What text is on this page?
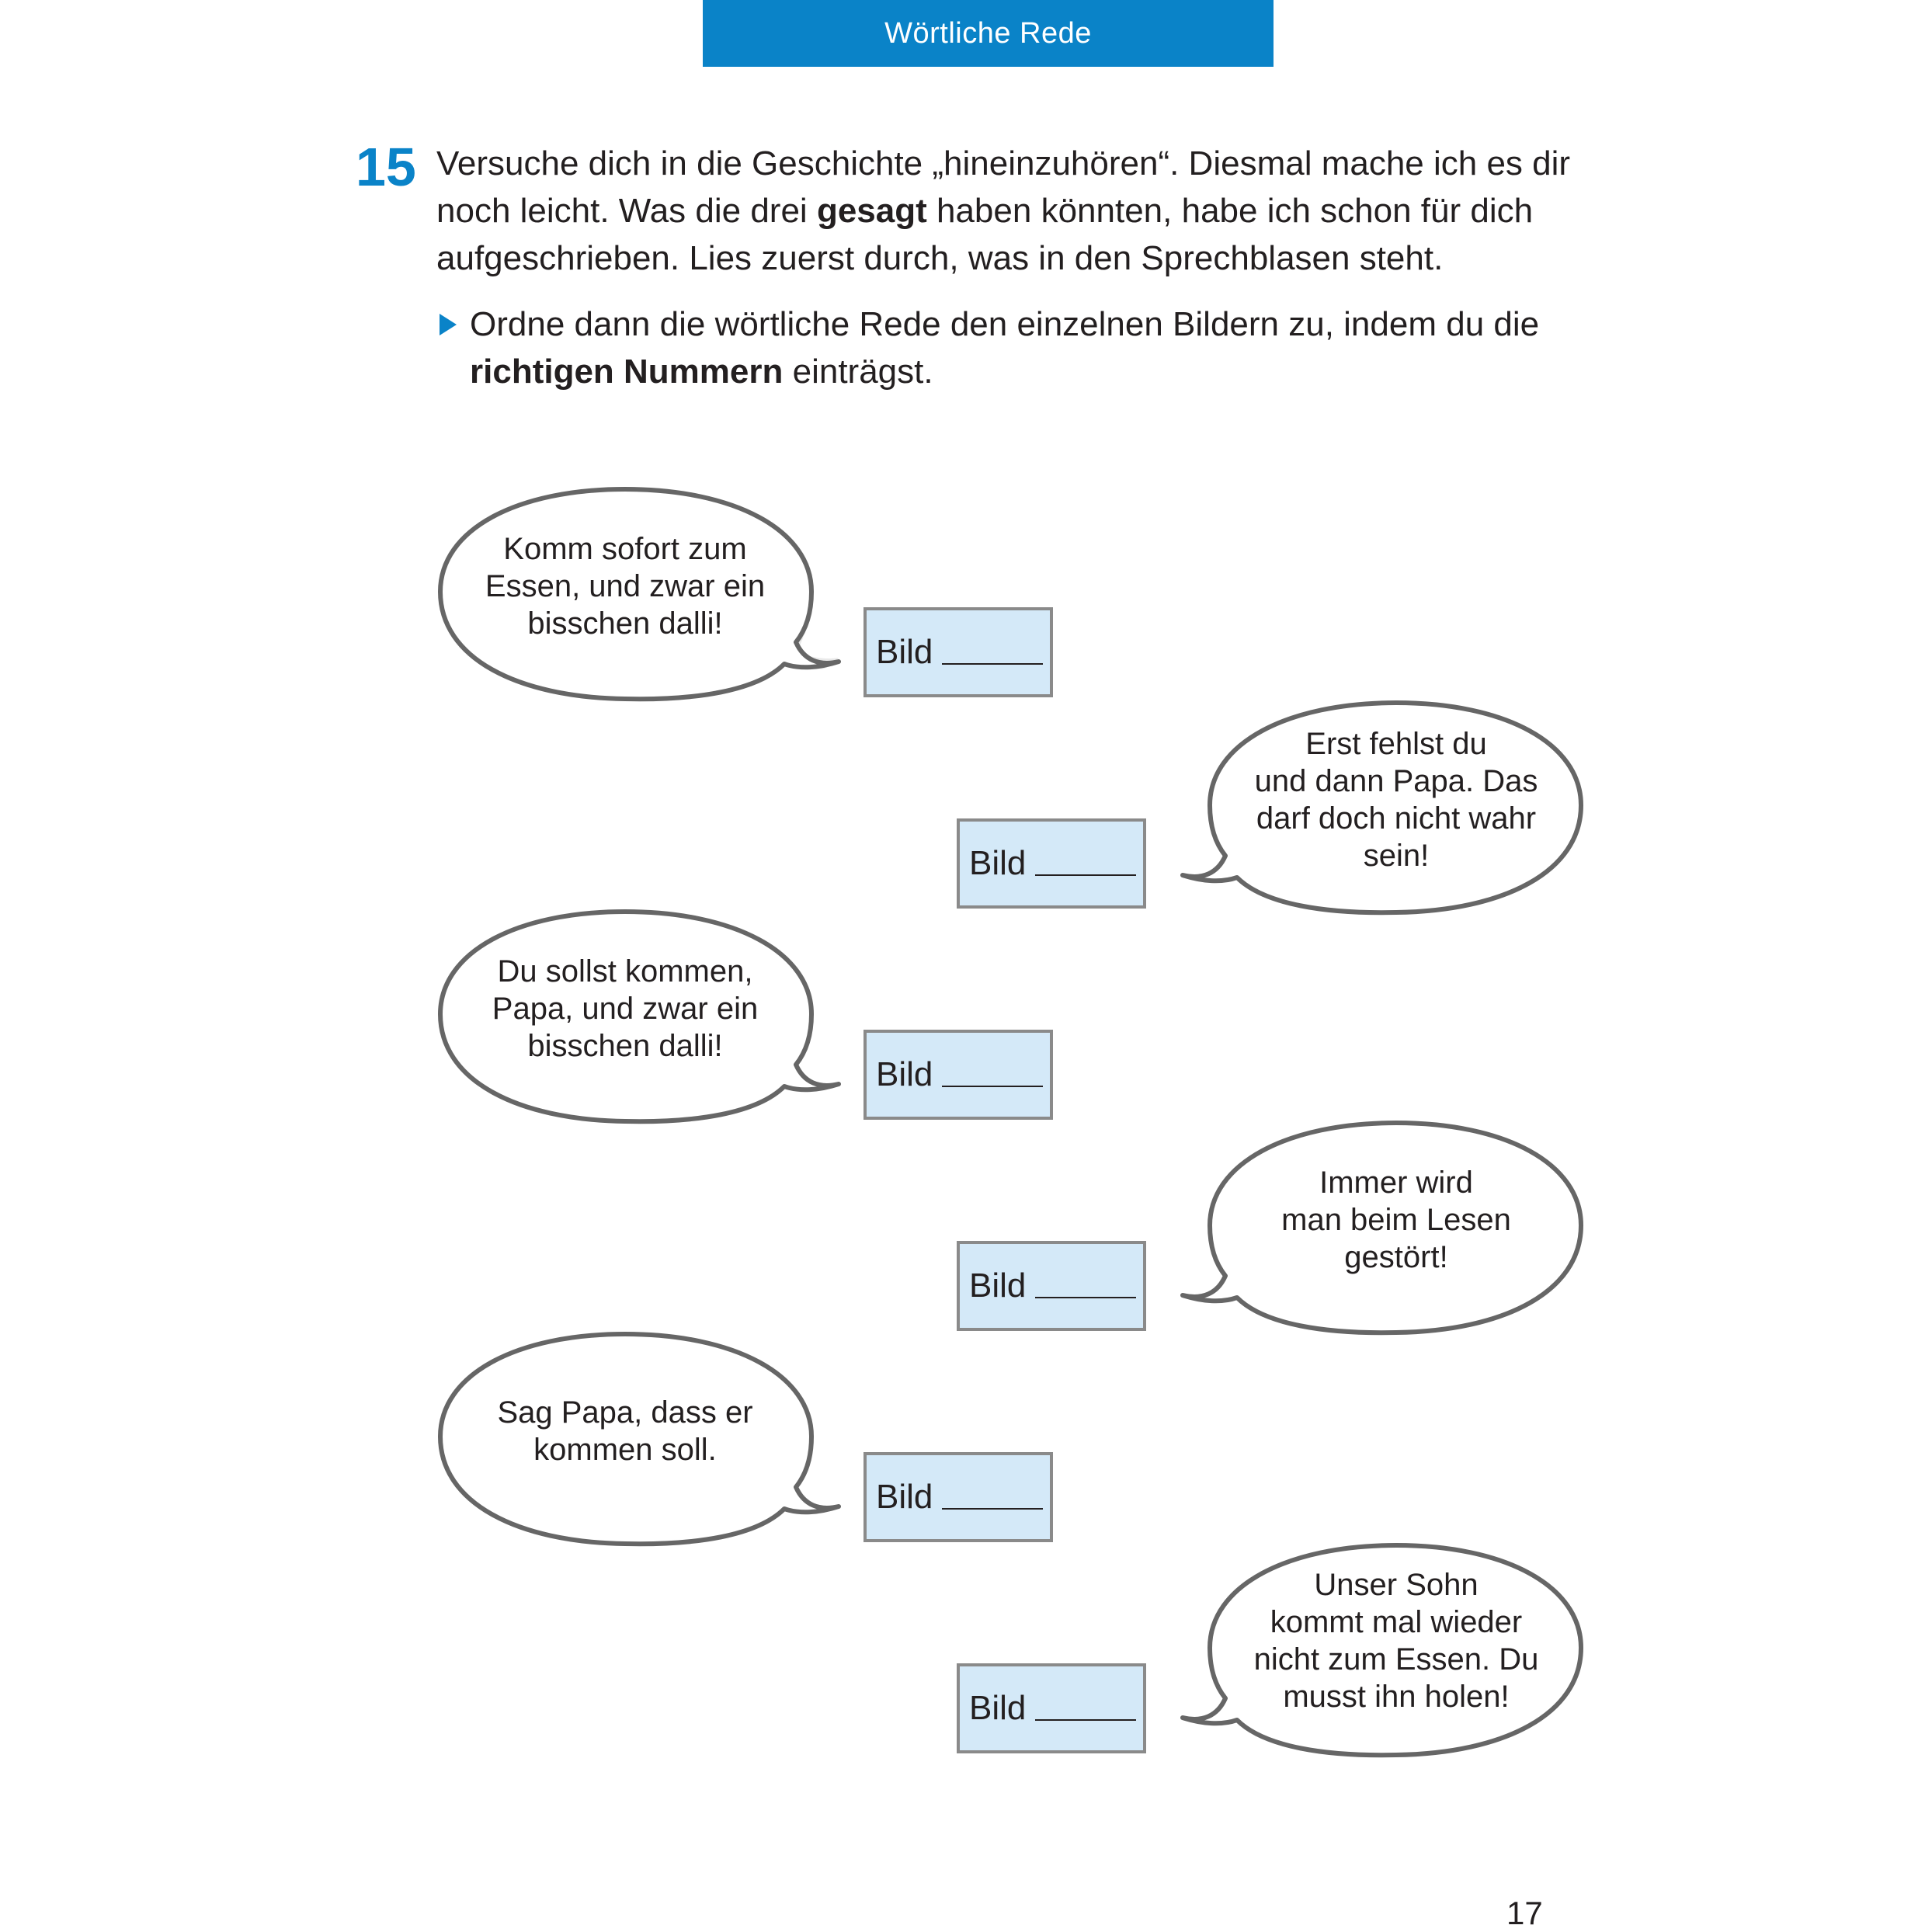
Wörtliche Rede
15 Versuche dich in die Geschichte „hineinzuhören“. Diesmal mache ich es dir noch leicht. Was die drei gesagt haben könnten, habe ich schon für dich aufgeschrieben. Lies zuerst durch, was in den Sprechblasen steht.

Ordne dann die wörtliche Rede den einzelnen Bildern zu, indem du die richtigen Nummern einträgst.

Komm sofort zum
Essen, und zwar ein
bisschen dalli!
Bild
Erst fehlst du
und dann Papa. Das
darf doch nicht wahr
sein!
Bild
Du sollst kommen,
Papa, und zwar ein
bisschen dalli!
Bild
Immer wird
man beim Lesen
gestört!
Bild
Sag Papa, dass er
kommen soll.
Bild
Unser Sohn
kommt mal wieder
nicht zum Essen. Du
musst ihn holen!
Bild
17
